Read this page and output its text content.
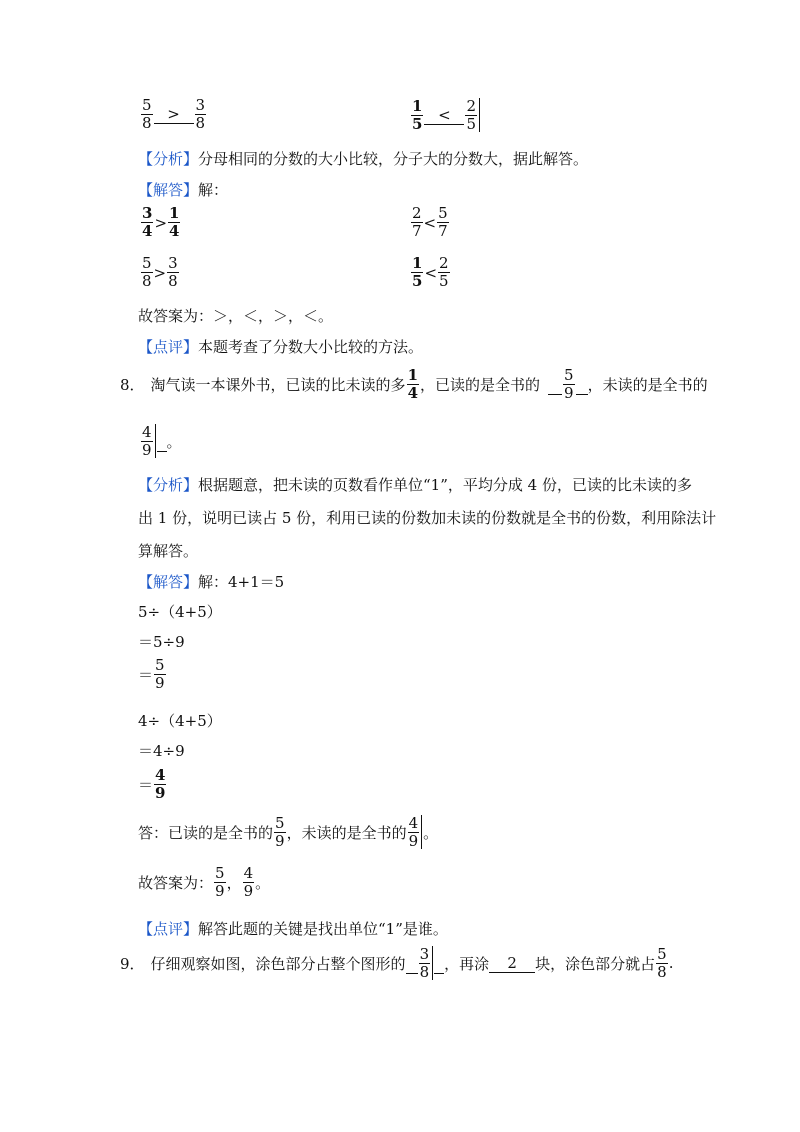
$\frac{5}{8} > \frac{3}{8}$	$\frac{1}{5} < \frac{2}{5}$
【分析】分母相同的分数的大小比较，分子大的分数大，据此解答。
【解答】解：
$\frac{3}{4} > \frac{1}{4}$	$\frac{2}{7} < \frac{5}{7}$
$\frac{5}{8} > \frac{3}{8}$	$\frac{1}{5} < \frac{2}{5}$
故答案为：＞，＜，＞，＜。
【点评】本题考查了分数大小比较的方法。
8． 淘气读一本课外书，已读的比未读的多 $\frac{1}{4}$ ，已读的是全书的 $\frac{5}{9}$ ，未读的是全书的
$\frac{4}{9}$ 。
【分析】根据题意，把未读的页数看作单位“1”，平均分成 4 份，已读的比未读的多
出 1 份，说明已读占 5 份，利用已读的份数加未读的份数就是全书的份数，利用除法计
算解答。
【解答】解：4+1＝5
5÷（4+5）
＝5÷9
＝ $\frac{5}{9}$
4÷（4+5）
＝4÷9
＝ $\frac{4}{9}$
答：已读的是全书的 $\frac{5}{9}$ ，未读的是全书的 $\frac{4}{9}$ 。
故答案为： $\frac{5}{9}$ ， $\frac{4}{9}$ 。
【点评】解答此题的关键是找出单位“1”是谁。
9． 仔细观察如图，涂色部分占整个图形的 $\frac{3}{8}$ ，再涂	2	块，涂色部分就占 $\frac{5}{8}$ .
